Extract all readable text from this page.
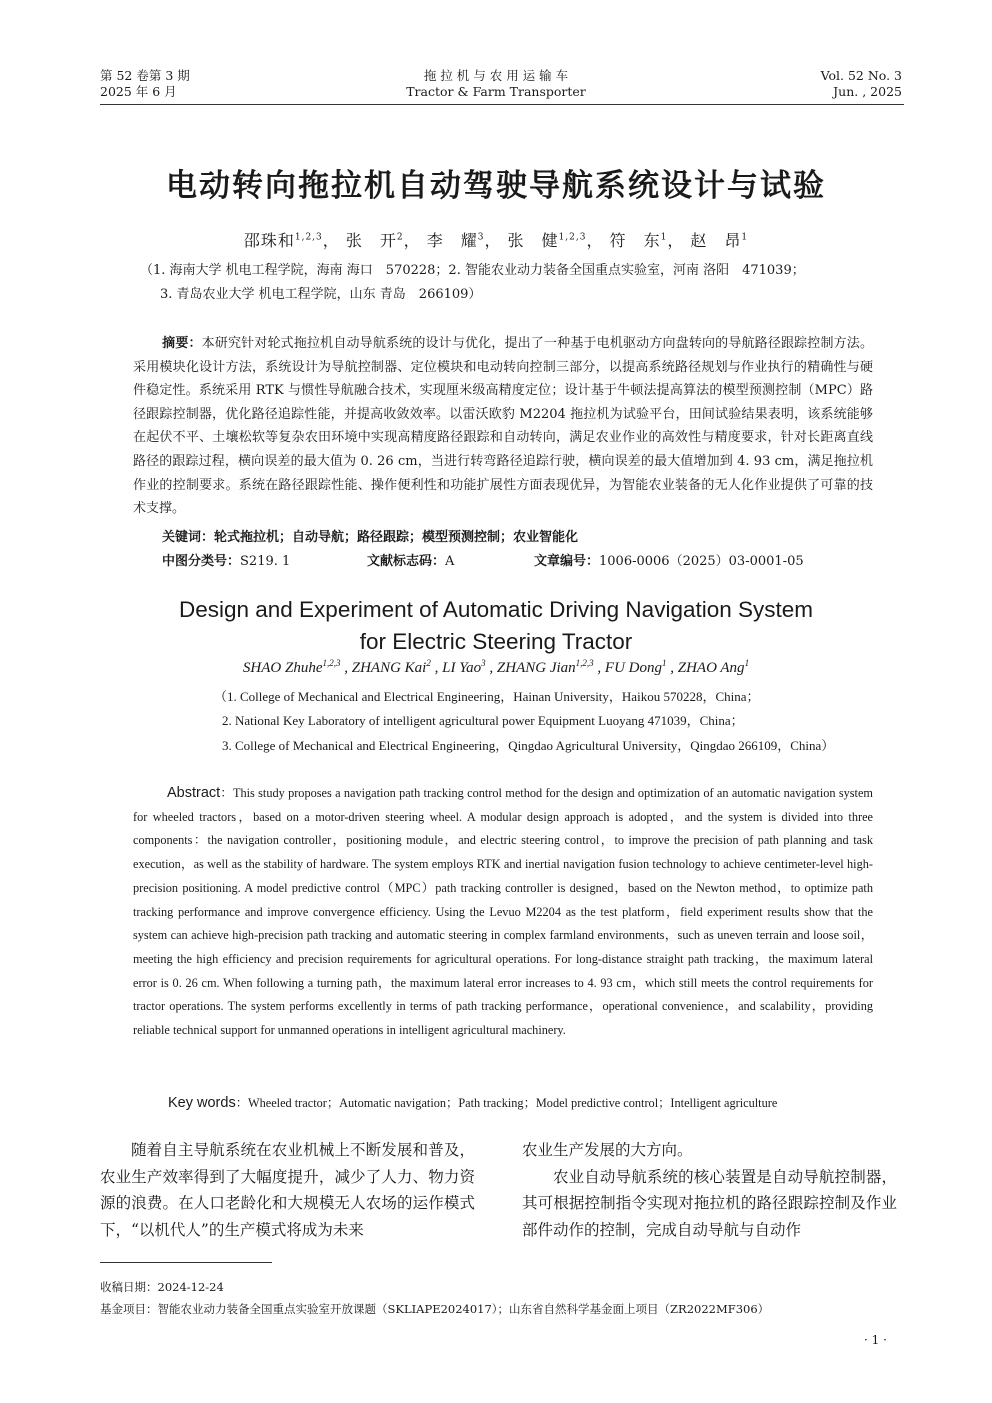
第 52 卷第 3 期
2025 年 6 月
拖 拉 机 与 农 用 运 输 车
Tractor & Farm Transporter
Vol. 52 No. 3
Jun. , 2025
电动转向拖拉机自动驾驶导航系统设计与试验
邵珠和$^{1,2,3}$， 张　开$^2$， 李　耀$^3$， 张　健$^{1,2,3}$， 符　东$^1$， 赵　昂$^1$
（1. 海南大学 机电工程学院，海南 海口　570228；2. 智能农业动力装备全国重点实验室，河南 洛阳　471039；
3. 青岛农业大学 机电工程学院，山东 青岛　266109）
摘要：本研究针对轮式拖拉机自动导航系统的设计与优化，提出了一种基于电机驱动方向盘转向的导航路径跟踪控制方法。采用模块化设计方法，系统设计为导航控制器、定位模块和电动转向控制三部分，以提高系统路径规划与作业执行的精确性与硬件稳定性。系统采用 RTK 与惯性导航融合技术，实现厘米级高精度定位；设计基于牛顿法提高算法的模型预测控制（MPC）路径跟踪控制器，优化路径追踪性能，并提高收敛效率。以雷沃欧豹 M2204 拖拉机为试验平台，田间试验结果表明，该系统能够在起伏不平、土壤松软等复杂农田环境中实现高精度路径跟踪和自动转向，满足农业作业的高效性与精度要求，针对长距离直线路径的跟踪过程，横向误差的最大值为 0. 26 cm，当进行转弯路径追踪行驶，横向误差的最大值增加到 4. 93 cm，满足拖拉机作业的控制要求。系统在路径跟踪性能、操作便利性和功能扩展性方面表现优异，为智能农业装备的无人化作业提供了可靠的技术支撑。
关键词：轮式拖拉机；自动导航；路径跟踪；模型预测控制；农业智能化
中图分类号：S219. 1	文献标志码：A	文章编号：1006-0006（2025）03-0001-05
Design and Experiment of Automatic Driving Navigation System
for Electric Steering Tractor
SHAO Zhuhe$^{1,2,3}$ , ZHANG Kai$^2$ , LI Yao$^3$ , ZHANG Jian$^{1,2,3}$ , FU Dong$^1$ , ZHAO Ang$^1$
（1. College of Mechanical and Electrical Engineering，Hainan University，Haikou 570228，China；
2. National Key Laboratory of intelligent agricultural power Equipment Luoyang 471039，China；
3. College of Mechanical and Electrical Engineering，Qingdao Agricultural University，Qingdao 266109，China）
Abstract：This study proposes a navigation path tracking control method for the design and optimization of an automatic navigation system for wheeled tractors，based on a motor-driven steering wheel. A modular design approach is adopted，and the system is divided into three components：the navigation controller，positioning module，and electric steering control，to improve the precision of path planning and task execution，as well as the stability of hardware. The system employs RTK and inertial navigation fusion technology to achieve centimeter-level high-precision positioning. A model predictive control（MPC）path tracking controller is designed，based on the Newton method，to optimize path tracking performance and improve convergence efficiency. Using the Levuo M2204 as the test platform，field experiment results show that the system can achieve high-precision path tracking and automatic steering in complex farmland environments，such as uneven terrain and loose soil，meeting the high efficiency and precision requirements for agricultural operations. For long-distance straight path tracking，the maximum lateral error is 0. 26 cm. When following a turning path，the maximum lateral error increases to 4. 93 cm，which still meets the control requirements for tractor operations. The system performs excellently in terms of path tracking performance，operational convenience，and scalability，providing reliable technical support for unmanned operations in intelligent agricultural machinery.
Key words：Wheeled tractor；Automatic navigation；Path tracking；Model predictive control；Intelligent agriculture

随着自主导航系统在农业机械上不断发展和普及，农业生产效率得到了大幅度提升，减少了人力、物力资源的浪费。在人口老龄化和大规模无人农场的运作模式下，“以机代人”的生产模式将成为未来

农业生产发展的大方向。

农业自动导航系统的核心装置是自动导航控制器，其可根据控制指令实现对拖拉机的路径跟踪控制及作业部件动作的控制，完成自动导航与自动作

收稿日期：2024-12-24
基金项目：智能农业动力装备全国重点实验室开放课题（SKLIAPE2024017）；山东省自然科学基金面上项目（ZR2022MF306）
· 1 ·
